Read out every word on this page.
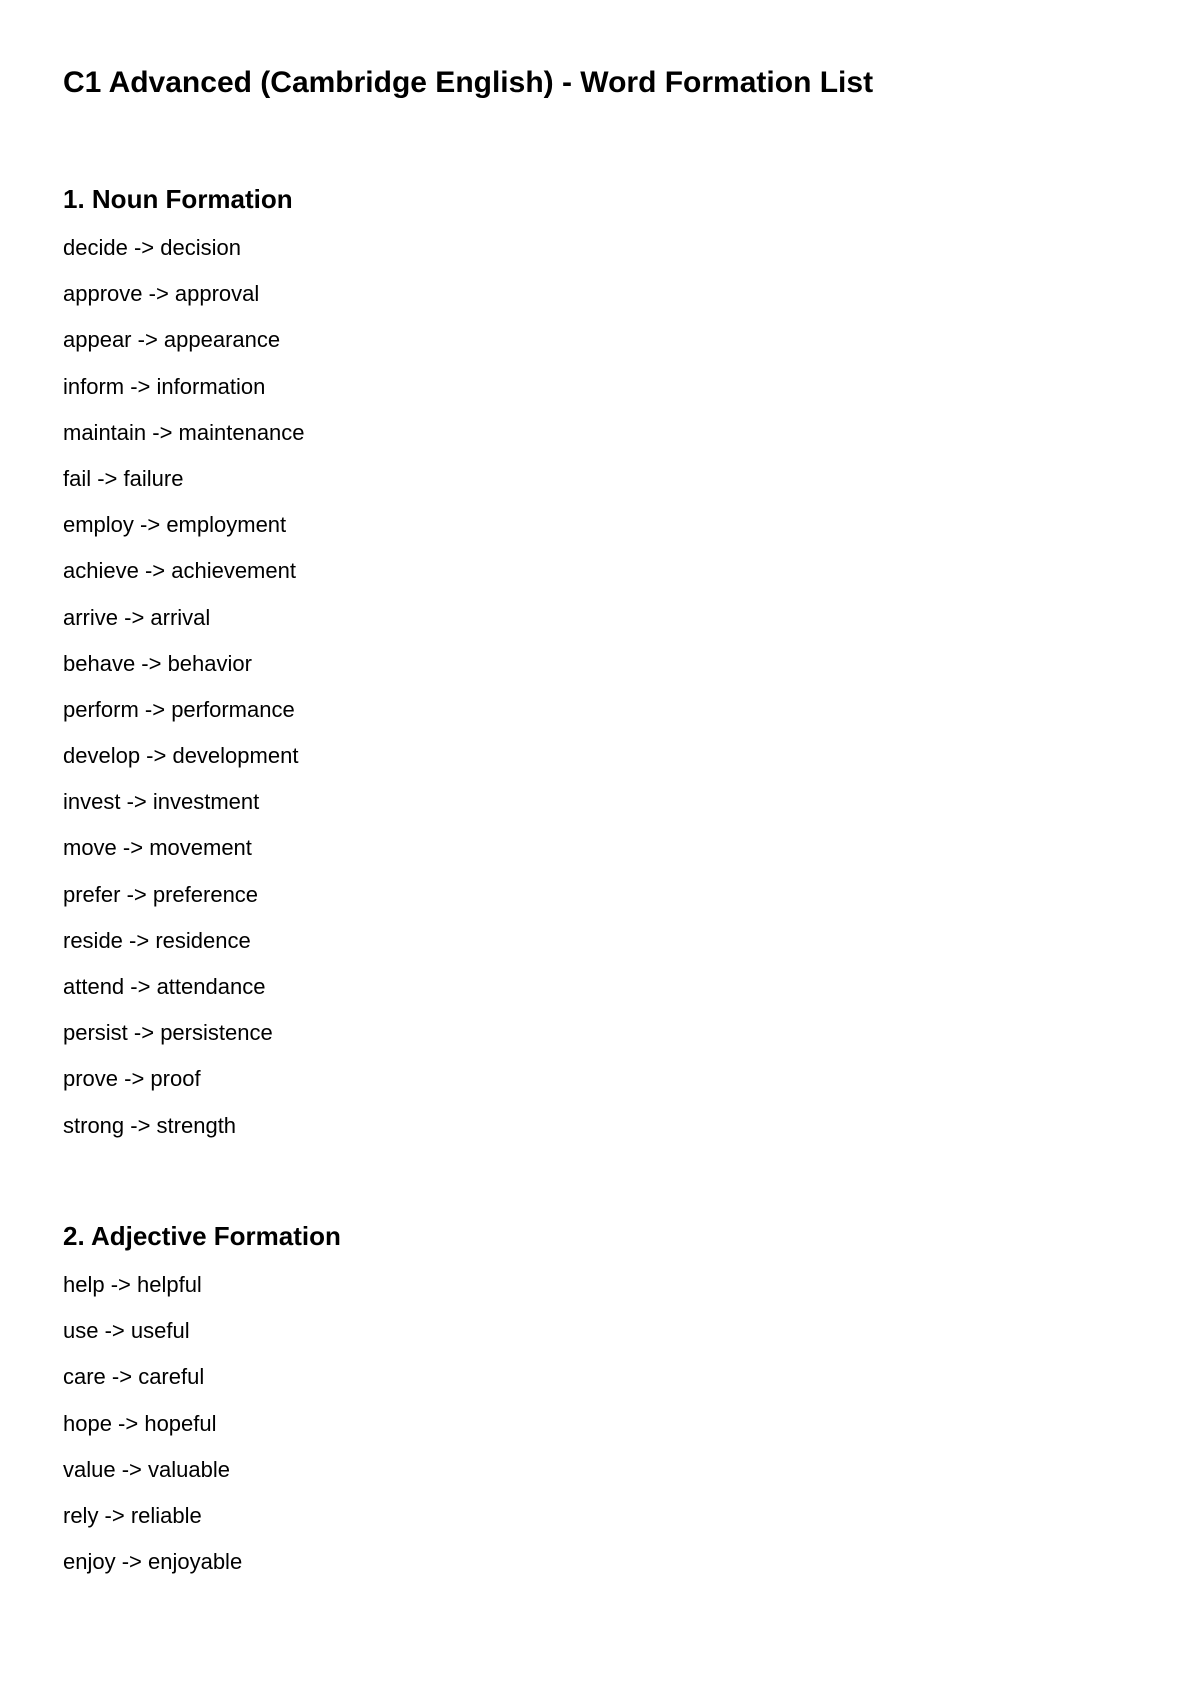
C1 Advanced (Cambridge English) - Word Formation List
1. Noun Formation
decide -> decision
approve -> approval
appear -> appearance
inform -> information
maintain -> maintenance
fail -> failure
employ -> employment
achieve -> achievement
arrive -> arrival
behave -> behavior
perform -> performance
develop -> development
invest -> investment
move -> movement
prefer -> preference
reside -> residence
attend -> attendance
persist -> persistence
prove -> proof
strong -> strength
2. Adjective Formation
help -> helpful
use -> useful
care -> careful
hope -> hopeful
value -> valuable
rely -> reliable
enjoy -> enjoyable
